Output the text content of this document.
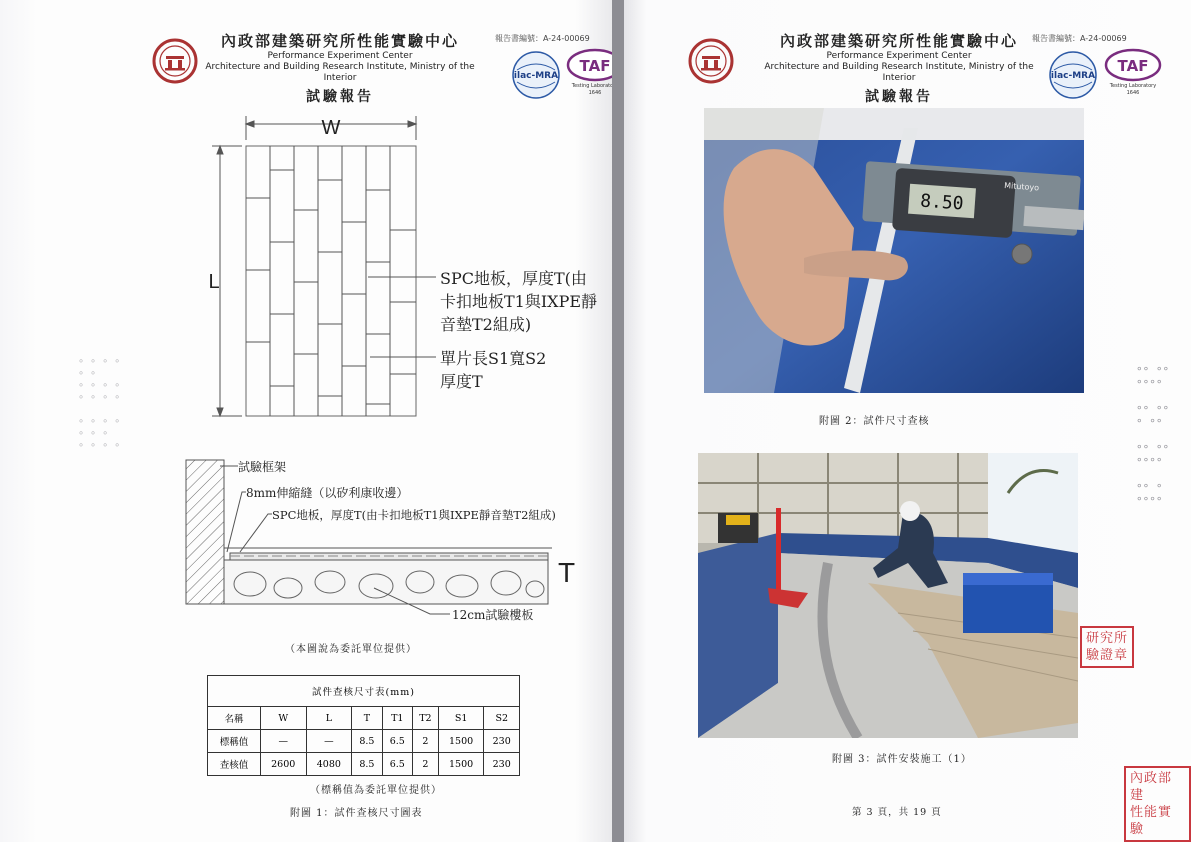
內政部建築研究所性能實驗中心
Performance Experiment Center
Architecture and Building Research Institute, Ministry of the Interior
試驗報告
報告書編號：A-24-00069
ilac-MRA
TAF
Testing Laboratory
1646
W
L	SPC地板，厚度T(由
卡扣地板T1與IXPE靜
音墊T2組成)
單片長S1寬S2
厚度T
試驗框架
8mm伸縮縫（以矽利康收邊）
SPC地板，厚度T(由卡扣地板T1與IXPE靜音墊T2組成)
12cm試驗樓板
T
（本圖說為委託單位提供）
試件查核尺寸表(mm)							
名稱	W	L	T	T1	T2	S1	S2
標稱值	—	—	8.5	6.5	2	1500	230
查核值	2600	4080	8.5	6.5	2	1500	230
（標稱值為委託單位提供）
附圖 1：試件查核尺寸圖表
∘ ∘ ∘ ∘
∘ ∘
∘ ∘ ∘ ∘
∘ ∘ ∘ ∘

∘ ∘ ∘ ∘
∘ ∘ ∘
∘ ∘ ∘ ∘
內政部建築研究所性能實驗中心
Performance Experiment Center
Architecture and Building Research Institute, Ministry of the Interior
試驗報告
報告書編號：A-24-00069
ilac-MRA
TAF
Testing Laboratory
1646
8.50
Mitutoyo
附圖 2：試件尺寸查核
附圖 3：試件安裝施工（1）
第 3 頁，共 19 頁
∘∘ ∘∘
∘∘∘∘

∘∘ ∘∘
∘ ∘∘

∘∘ ∘∘
∘∘∘∘

∘∘ ∘
∘∘∘∘
研究所
驗證章
內政部建
性能實驗
